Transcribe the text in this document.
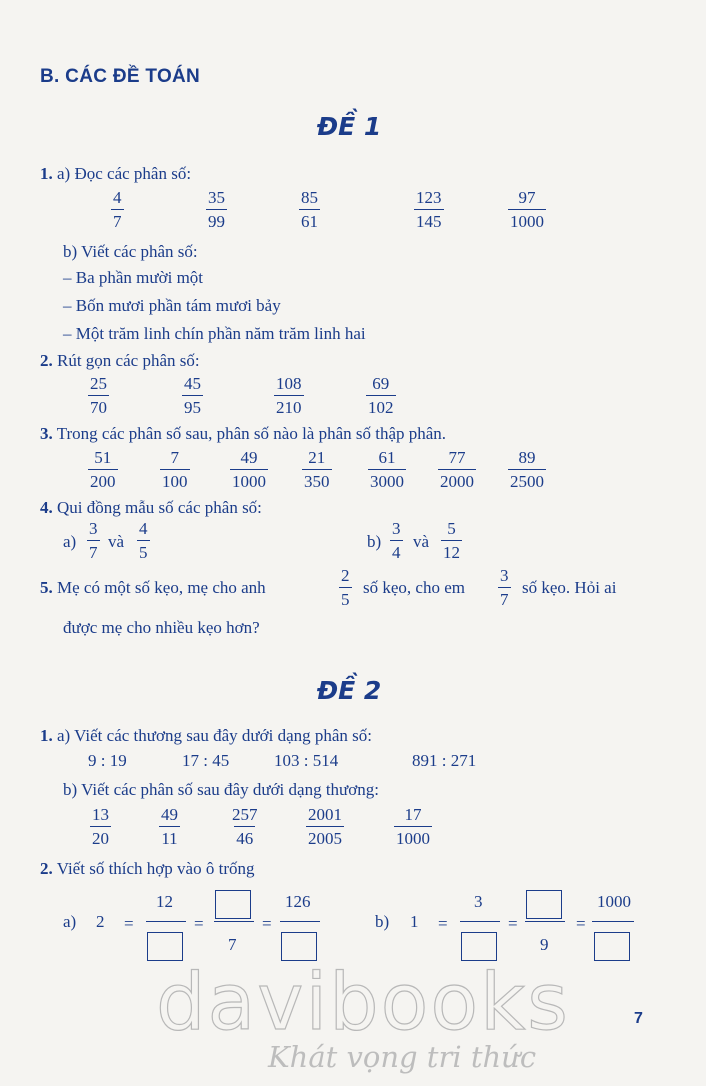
B. CÁC ĐỀ TOÁN
ĐỀ 1
1. a) Đọc các phân số:
$\frac{4}{7}$	$\frac{35}{99}$	$\frac{85}{61}$	$\frac{123}{145}$	$\frac{97}{1000}$
b) Viết các phân số:
– Ba phần mười một
– Bốn mươi phần tám mươi bảy
– Một trăm linh chín phần năm trăm linh hai
2. Rút gọn các phân số:
$\frac{25}{70}$	$\frac{45}{95}$	$\frac{108}{210}$	$\frac{69}{102}$
3. Trong các phân số sau, phân số nào là phân số thập phân.
$\frac{51}{200}$	$\frac{7}{100} \frac{49}{1000} \frac{21}{350} \frac{61}{3000} \frac{77}{2000} \frac{89}{2500}$
4. Qui đồng mẫu số các phân số:
$a) \frac{3}{7}$ và $\frac{4}{5}$	$b) \frac{3}{4}$ và $\frac{5}{12}$
5. Mẹ có một số kẹo, mẹ cho anh	$\frac{2}{5}$ số kẹo, cho em $\frac{3}{7}$ số kẹo. Hỏi ai
được mẹ cho nhiều kẹo hơn?
ĐỀ 2
1. a) Viết các thương sau đây dưới dạng phân số:
9 : 19	17 : 45	103 : 514	891 : 271
b) Viết các phân số sau đây dưới dạng thương:
$\frac{13}{20}$	$\frac{49}{11}$	$\frac{257}{46}$	$\frac{2001}{2005}$	$\frac{17}{1000}$
2. Viết số thích hợp vào ô trống
a) 2 =
12
=
7
=
126
b) 1 =
3
=
9
=
1000
7
davibooks
Khát vọng tri thức
